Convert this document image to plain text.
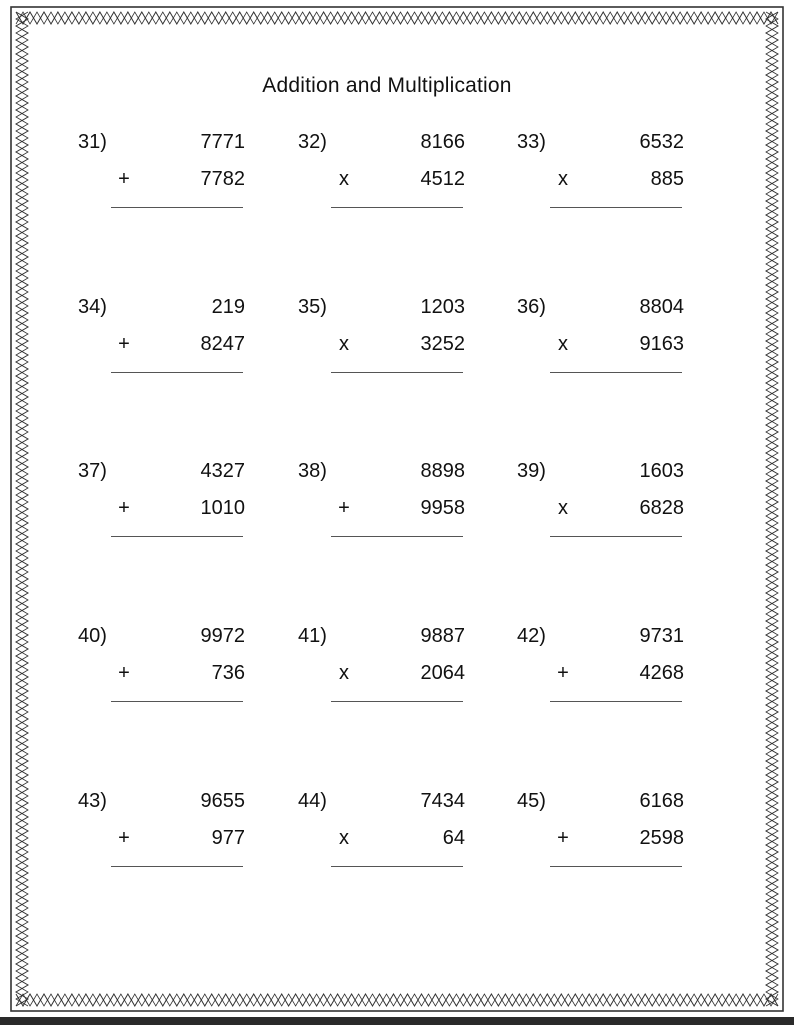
Addition and Multiplication
31)	7771
+	7782
32)	8166
x	4512
33)	6532
x	885
34)	219
+	8247
35)	1203
x	3252
36)	8804
x	9163
37)	4327
+	1010
38)	8898
+	9958
39)	1603
x	6828
40)	9972
+	736
41)	9887
x	2064
42)	9731
+	4268
43)	9655
+	977
44)	7434
x	64
45)	6168
+	2598
